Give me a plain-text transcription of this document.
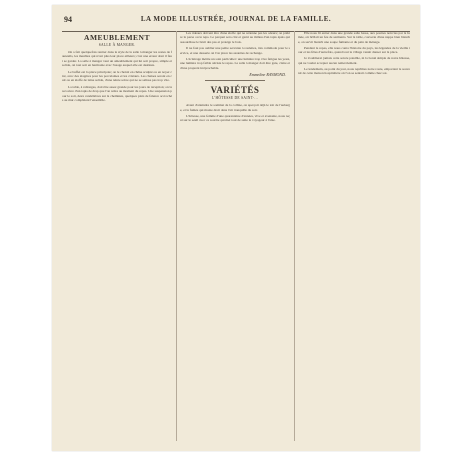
94	LA MODE ILLUSTRÉE, JOURNAL DE LA FAMILLE.
AMEUBLEMENT
SALLE À MANGER.

On a fait quelquefois rentrer dans le style de la salle à manger les restes de fauteuils, les meubles qui n'ont plus leur place ailleurs; c'est une erreur dont il faut se garder. La salle à manger veut un ameublement qui lui soit propre, simple et solide, où tout soit en harmonie avec l'usage auquel elle est destinée.

Le buffet est la pièce principale; on le choisit en chêne sculpté ou en noyer ciré, avec des étagères pour les porcelaines et les cristaux. Les chaises seront en cuir ou en étoffe de laine solide, d'une teinte sobre qui ne se salisse pas trop vite.

La table, à rallonges, doit être assez grande pour les jours de réception; on la recouvre d'un tapis de drap que l'on retire au moment du repas. Une suspension pour le soir, deux candélabres sur la cheminée, quelques plats de faïence accrochés au mur complètent l'ensemble.

Les rideaux doivent être d'une étoffe qui ne retienne pas les odeurs; on préfère la perse ou le reps. Le parquet sera ciré et garni au milieu d'un tapis épais qui assourdisse le bruit des pas et protège le bois.

Il ne faut pas oublier une petite servante à roulettes, très commode pour le service, et une desserte où l'on place les assiettes de rechange.

L'éclairage mérite un soin particulier: une lumière trop vive fatigue les yeux, une lumière trop faible attriste le repas. La salle à manger doit être gaie, claire et d'une propreté irréprochable.

Emmeline RAYMOND.
VARIÉTÉS
L'HÔTESSE DE SAINT-...

Avant d'atteindre le sommet de la colline, on aperçoit déjà le toit de l'auberge, et la fumée qui monte droit dans l'air tranquille du soir.

L'hôtesse, une femme d'une quarantaine d'années, vive et avenante, nous reçut sur le seuil avec ce sourire qui met tout de suite le voyageur à l'aise.

Elle nous fit entrer dans une grande salle basse, aux poutres noircies par la fumée, où brillait un feu de sarments. Sur la table, couverte d'une nappe bien blanche, on servit bientôt une soupe fumante et du pain de ménage.

Pendant le repas, elle nous conta l'histoire du pays, les légendes de la vieille tour et les fêtes d'autrefois, quand tout le village venait danser sur la place.

Je n'oublierai jamais cette soirée paisible, ni la bonté simple de notre hôtesse, qui ne voulut accepter aucun remerciement.

Le lendemain, au point du jour, nous reprîmes notre route, emportant le souvenir de cette maison hospitalière où l'on se sentait comme chez soi.
